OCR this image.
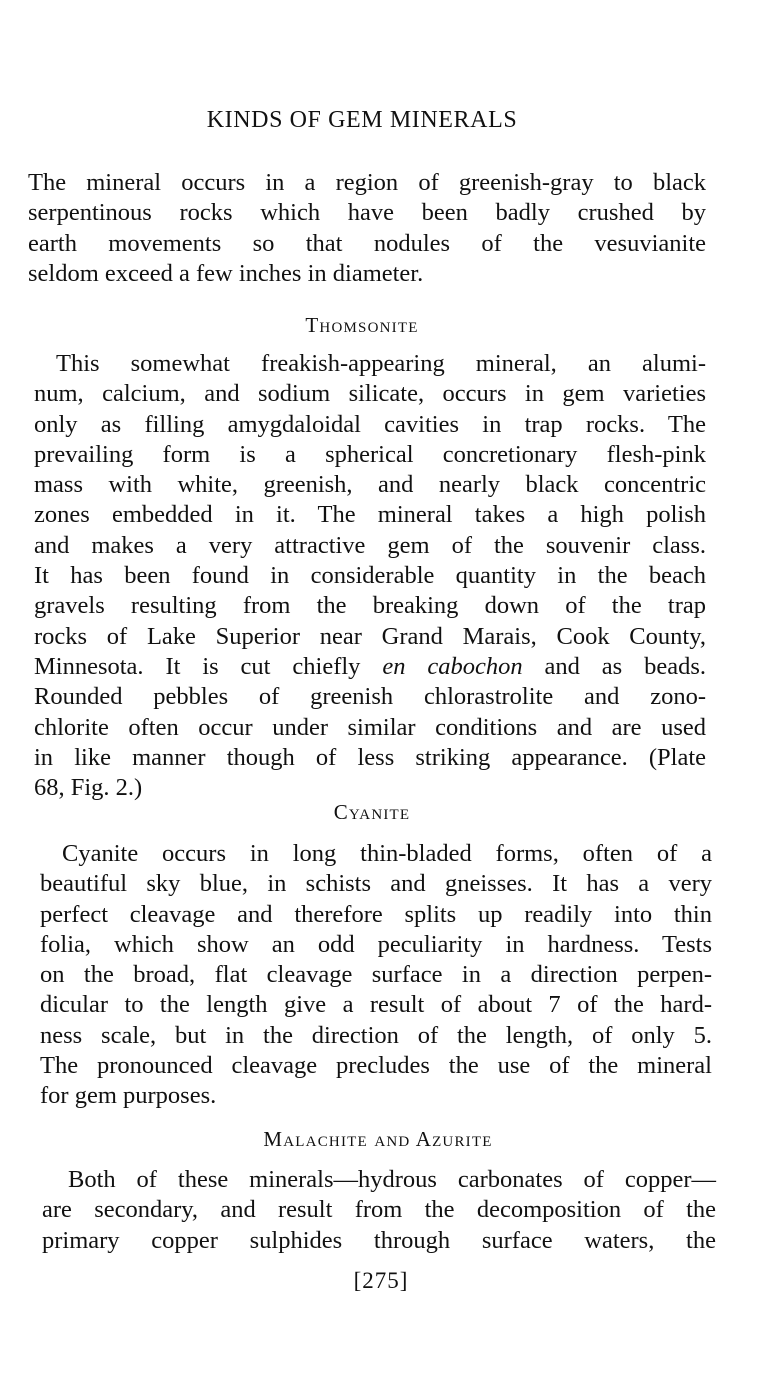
KINDS OF GEM MINERALS
The mineral occurs in a region of greenish-gray to black
serpentinous rocks which have been badly crushed by
earth movements so that nodules of the vesuvianite
seldom exceed a few inches in diameter.
Thomsonite
This somewhat freakish-appearing mineral, an alumi-
num, calcium, and sodium silicate, occurs in gem varieties
only as filling amygdaloidal cavities in trap rocks. The
prevailing form is a spherical concretionary flesh-pink
mass with white, greenish, and nearly black concentric
zones embedded in it. The mineral takes a high polish
and makes a very attractive gem of the souvenir class.
It has been found in considerable quantity in the beach
gravels resulting from the breaking down of the trap
rocks of Lake Superior near Grand Marais, Cook County,
Minnesota. It is cut chiefly en cabochon and as beads.
Rounded pebbles of greenish chlorastrolite and zono-
chlorite often occur under similar conditions and are used
in like manner though of less striking appearance. (Plate
68, Fig. 2.)
Cyanite
Cyanite occurs in long thin-bladed forms, often of a
beautiful sky blue, in schists and gneisses. It has a very
perfect cleavage and therefore splits up readily into thin
folia, which show an odd peculiarity in hardness. Tests
on the broad, flat cleavage surface in a direction perpen-
dicular to the length give a result of about 7 of the hard-
ness scale, but in the direction of the length, of only 5.
The pronounced cleavage precludes the use of the mineral
for gem purposes.
Malachite and Azurite
Both of these minerals—hydrous carbonates of copper—
are secondary, and result from the decomposition of the
primary copper sulphides through surface waters, the
[275]
